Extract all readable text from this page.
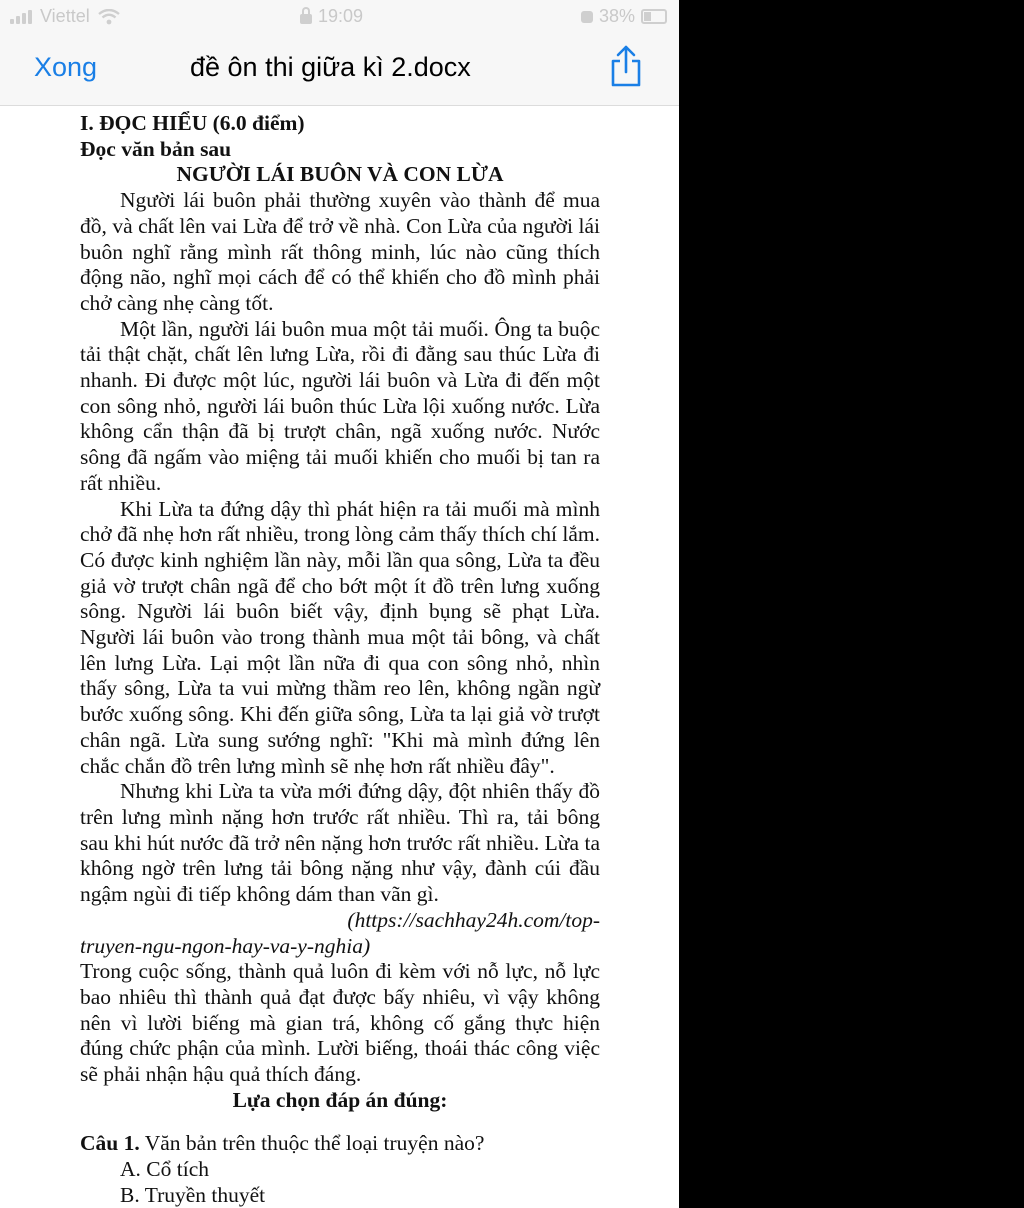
Viettel	19:09	38%
Xong	đề ôn thi giữa kì 2.docx

I. ĐỌC HIỂU (6.0 điểm)

Đọc văn bản sau

NGƯỜI LÁI BUÔN VÀ CON LỪA

Người lái buôn phải thường xuyên vào thành để mua đồ, và chất lên vai Lừa để trở về nhà. Con Lừa của người lái buôn nghĩ rằng mình rất thông minh, lúc nào cũng thích động não, nghĩ mọi cách để có thể khiến cho đồ mình phải chở càng nhẹ càng tốt.

Một lần, người lái buôn mua một tải muối. Ông ta buộc tải thật chặt, chất lên lưng Lừa, rồi đi đằng sau thúc Lừa đi nhanh. Đi được một lúc, người lái buôn và Lừa đi đến một con sông nhỏ, người lái buôn thúc Lừa lội xuống nước. Lừa không cẩn thận đã bị trượt chân, ngã xuống nước. Nước sông đã ngấm vào miệng tải muối khiến cho muối bị tan ra rất nhiều.

Khi Lừa ta đứng dậy thì phát hiện ra tải muối mà mình chở đã nhẹ hơn rất nhiều, trong lòng cảm thấy thích chí lắm. Có được kinh nghiệm lần này, mỗi lần qua sông, Lừa ta đều giả vờ trượt chân ngã để cho bớt một ít đồ trên lưng xuống sông. Người lái buôn biết vậy, định bụng sẽ phạt Lừa. Người lái buôn vào trong thành mua một tải bông, và chất lên lưng Lừa. Lại một lần nữa đi qua con sông nhỏ, nhìn thấy sông, Lừa ta vui mừng thầm reo lên, không ngần ngừ bước xuống sông. Khi đến giữa sông, Lừa ta lại giả vờ trượt chân ngã. Lừa sung sướng nghĩ: "Khi mà mình đứng lên chắc chắn đồ trên lưng mình sẽ nhẹ hơn rất nhiều đây".

Nhưng khi Lừa ta vừa mới đứng dậy, đột nhiên thấy đồ trên lưng mình nặng hơn trước rất nhiều. Thì ra, tải bông sau khi hút nước đã trở nên nặng hơn trước rất nhiều. Lừa ta không ngờ trên lưng tải bông nặng như vậy, đành cúi đầu ngậm ngùi đi tiếp không dám than vãn gì.

(https://sachhay24h.com/top-

truyen-ngu-ngon-hay-va-y-nghia)

Trong cuộc sống, thành quả luôn đi kèm với nỗ lực, nỗ lực bao nhiêu thì thành quả đạt được bấy nhiêu, vì vậy không nên vì lười biếng mà gian trá, không cố gắng thực hiện đúng chức phận của mình. Lười biếng, thoái thác công việc sẽ phải nhận hậu quả thích đáng.

Lựa chọn đáp án đúng:

Câu 1. Văn bản trên thuộc thể loại truyện nào?

A. Cổ tích

B. Truyền thuyết
